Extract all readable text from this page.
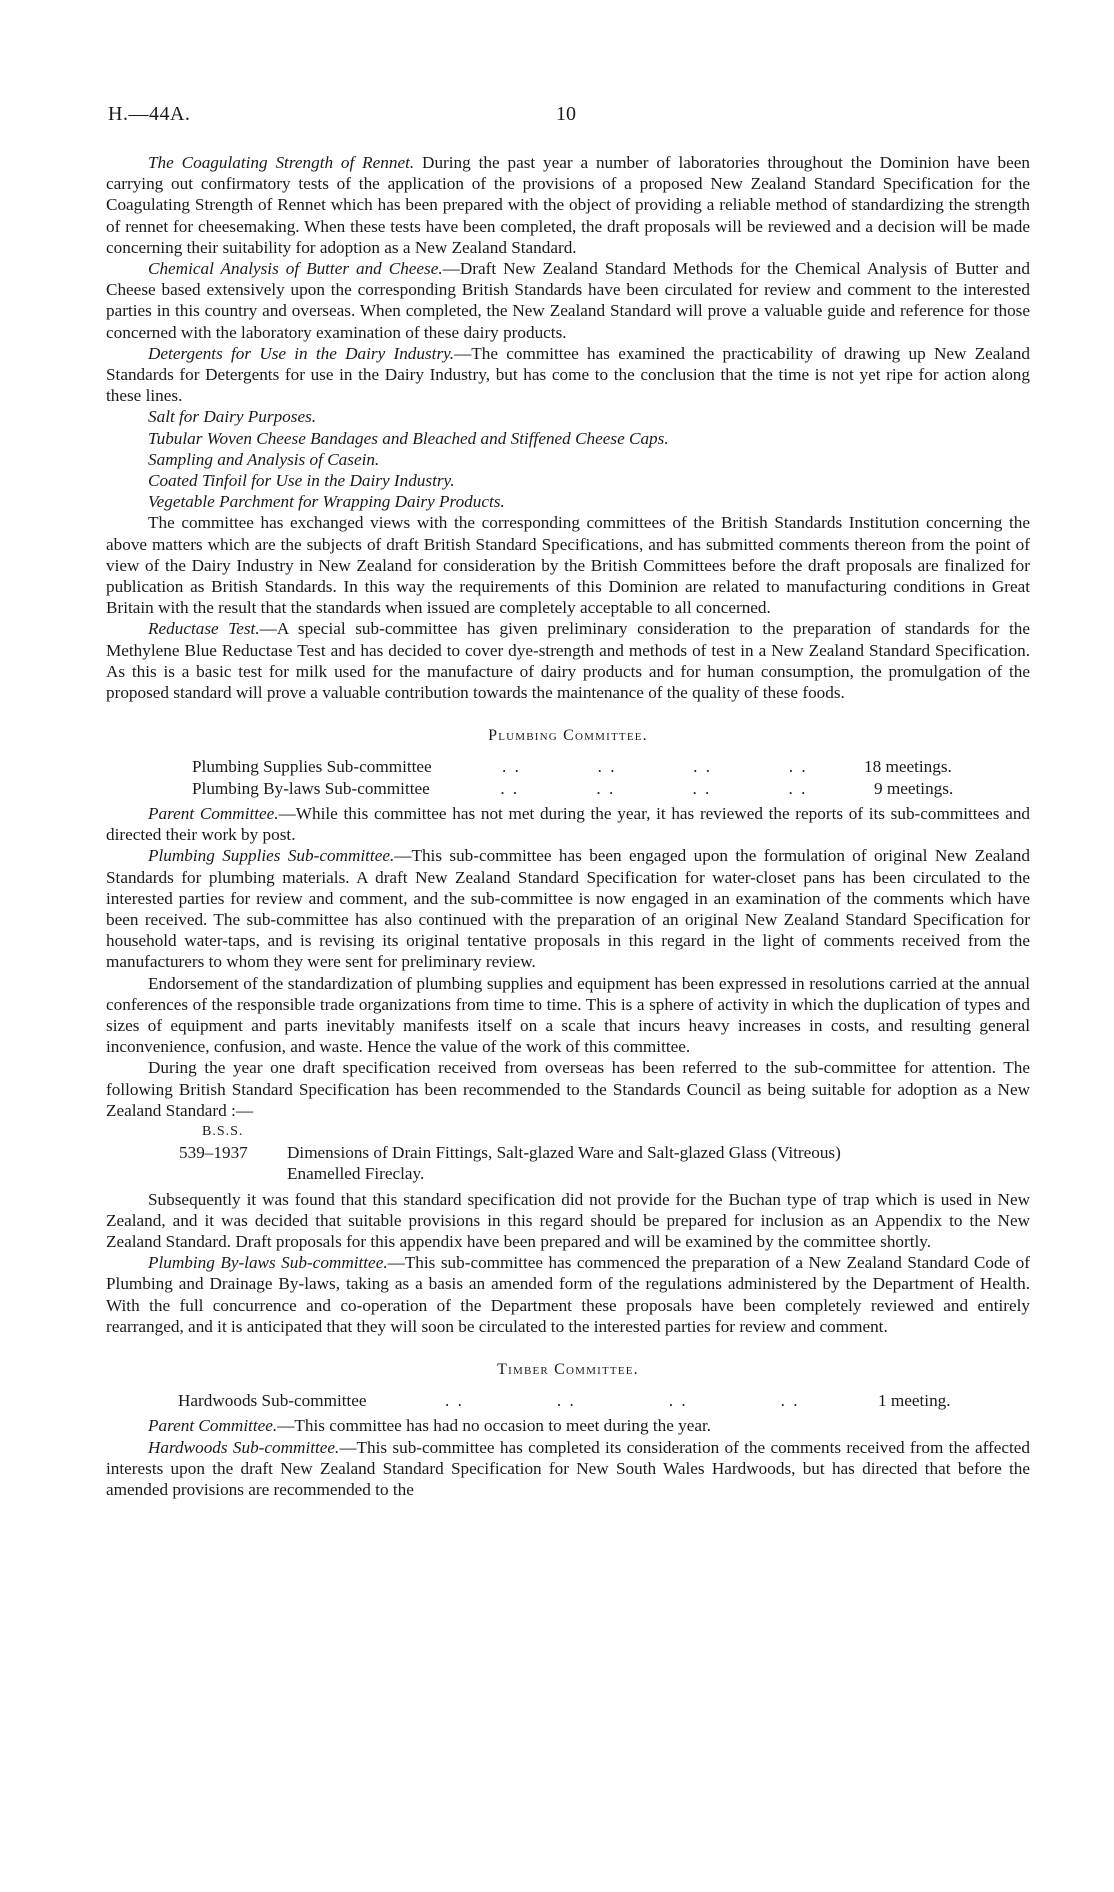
H.—44A.	10

The Coagulating Strength of Rennet. During the past year a number of laboratories throughout the Dominion have been carrying out confirmatory tests of the application of the provisions of a proposed New Zealand Standard Specification for the Coagulating Strength of Rennet which has been prepared with the object of providing a reliable method of standardizing the strength of rennet for cheesemaking. When these tests have been completed, the draft proposals will be reviewed and a decision will be made concerning their suitability for adoption as a New Zealand Standard.

Chemical Analysis of Butter and Cheese.—Draft New Zealand Standard Methods for the Chemical Analysis of Butter and Cheese based extensively upon the corresponding British Standards have been circulated for review and comment to the interested parties in this country and overseas. When completed, the New Zealand Standard will prove a valuable guide and reference for those concerned with the laboratory examination of these dairy products.

Detergents for Use in the Dairy Industry.—The committee has examined the practicability of drawing up New Zealand Standards for Detergents for use in the Dairy Industry, but has come to the conclusion that the time is not yet ripe for action along these lines.

Salt for Dairy Purposes.
Tubular Woven Cheese Bandages and Bleached and Stiffened Cheese Caps.
Sampling and Analysis of Casein.
Coated Tinfoil for Use in the Dairy Industry.
Vegetable Parchment for Wrapping Dairy Products.

The committee has exchanged views with the corresponding committees of the British Standards Institution concerning the above matters which are the subjects of draft British Standard Specifications, and has submitted comments thereon from the point of view of the Dairy Industry in New Zealand for consideration by the British Committees before the draft proposals are finalized for publication as British Standards. In this way the requirements of this Dominion are related to manufacturing conditions in Great Britain with the result that the standards when issued are completely acceptable to all concerned.

Reductase Test.—A special sub-committee has given preliminary consideration to the preparation of standards for the Methylene Blue Reductase Test and has decided to cover dye-strength and methods of test in a New Zealand Standard Specification. As this is a basic test for milk used for the manufacture of dairy products and for human consumption, the promulgation of the proposed standard will prove a valuable contribution towards the maintenance of the quality of these foods.

Plumbing Committee.
Plumbing Supplies Sub-committee	. .	. .	. .	. .	18 meetings.
Plumbing By-laws Sub-committee	. .	. .	. .	. .	9 meetings.

Parent Committee.—While this committee has not met during the year, it has reviewed the reports of its sub-committees and directed their work by post.

Plumbing Supplies Sub-committee.—This sub-committee has been engaged upon the formulation of original New Zealand Standards for plumbing materials. A draft New Zealand Standard Specification for water-closet pans has been circulated to the interested parties for review and comment, and the sub-committee is now engaged in an examination of the comments which have been received. The sub-committee has also continued with the preparation of an original New Zealand Standard Specification for household water-taps, and is revising its original tentative proposals in this regard in the light of comments received from the manufacturers to whom they were sent for preliminary review.

Endorsement of the standardization of plumbing supplies and equipment has been expressed in resolutions carried at the annual conferences of the responsible trade organizations from time to time. This is a sphere of activity in which the duplication of types and sizes of equipment and parts inevitably manifests itself on a scale that incurs heavy increases in costs, and resulting general inconvenience, confusion, and waste. Hence the value of the work of this committee.

During the year one draft specification received from overseas has been referred to the sub-committee for attention. The following British Standard Specification has been recommended to the Standards Council as being suitable for adoption as a New Zealand Standard :—

B.S.S.
539–1937	Dimensions of Drain Fittings, Salt-glazed Ware and Salt-glazed Glass (Vitreous)
Enamelled Fireclay.

Subsequently it was found that this standard specification did not provide for the Buchan type of trap which is used in New Zealand, and it was decided that suitable provisions in this regard should be prepared for inclusion as an Appendix to the New Zealand Standard. Draft proposals for this appendix have been prepared and will be examined by the committee shortly.

Plumbing By-laws Sub-committee.—This sub-committee has commenced the preparation of a New Zealand Standard Code of Plumbing and Drainage By-laws, taking as a basis an amended form of the regulations administered by the Department of Health. With the full concurrence and co-operation of the Department these proposals have been completely reviewed and entirely rearranged, and it is anticipated that they will soon be circulated to the interested parties for review and comment.

Timber Committee.
Hardwoods Sub-committee	. .	. .	. .	. .	1 meeting.

Parent Committee.—This committee has had no occasion to meet during the year.

Hardwoods Sub-committee.—This sub-committee has completed its consideration of the comments received from the affected interests upon the draft New Zealand Standard Specification for New South Wales Hardwoods, but has directed that before the amended provisions are recommended to the
